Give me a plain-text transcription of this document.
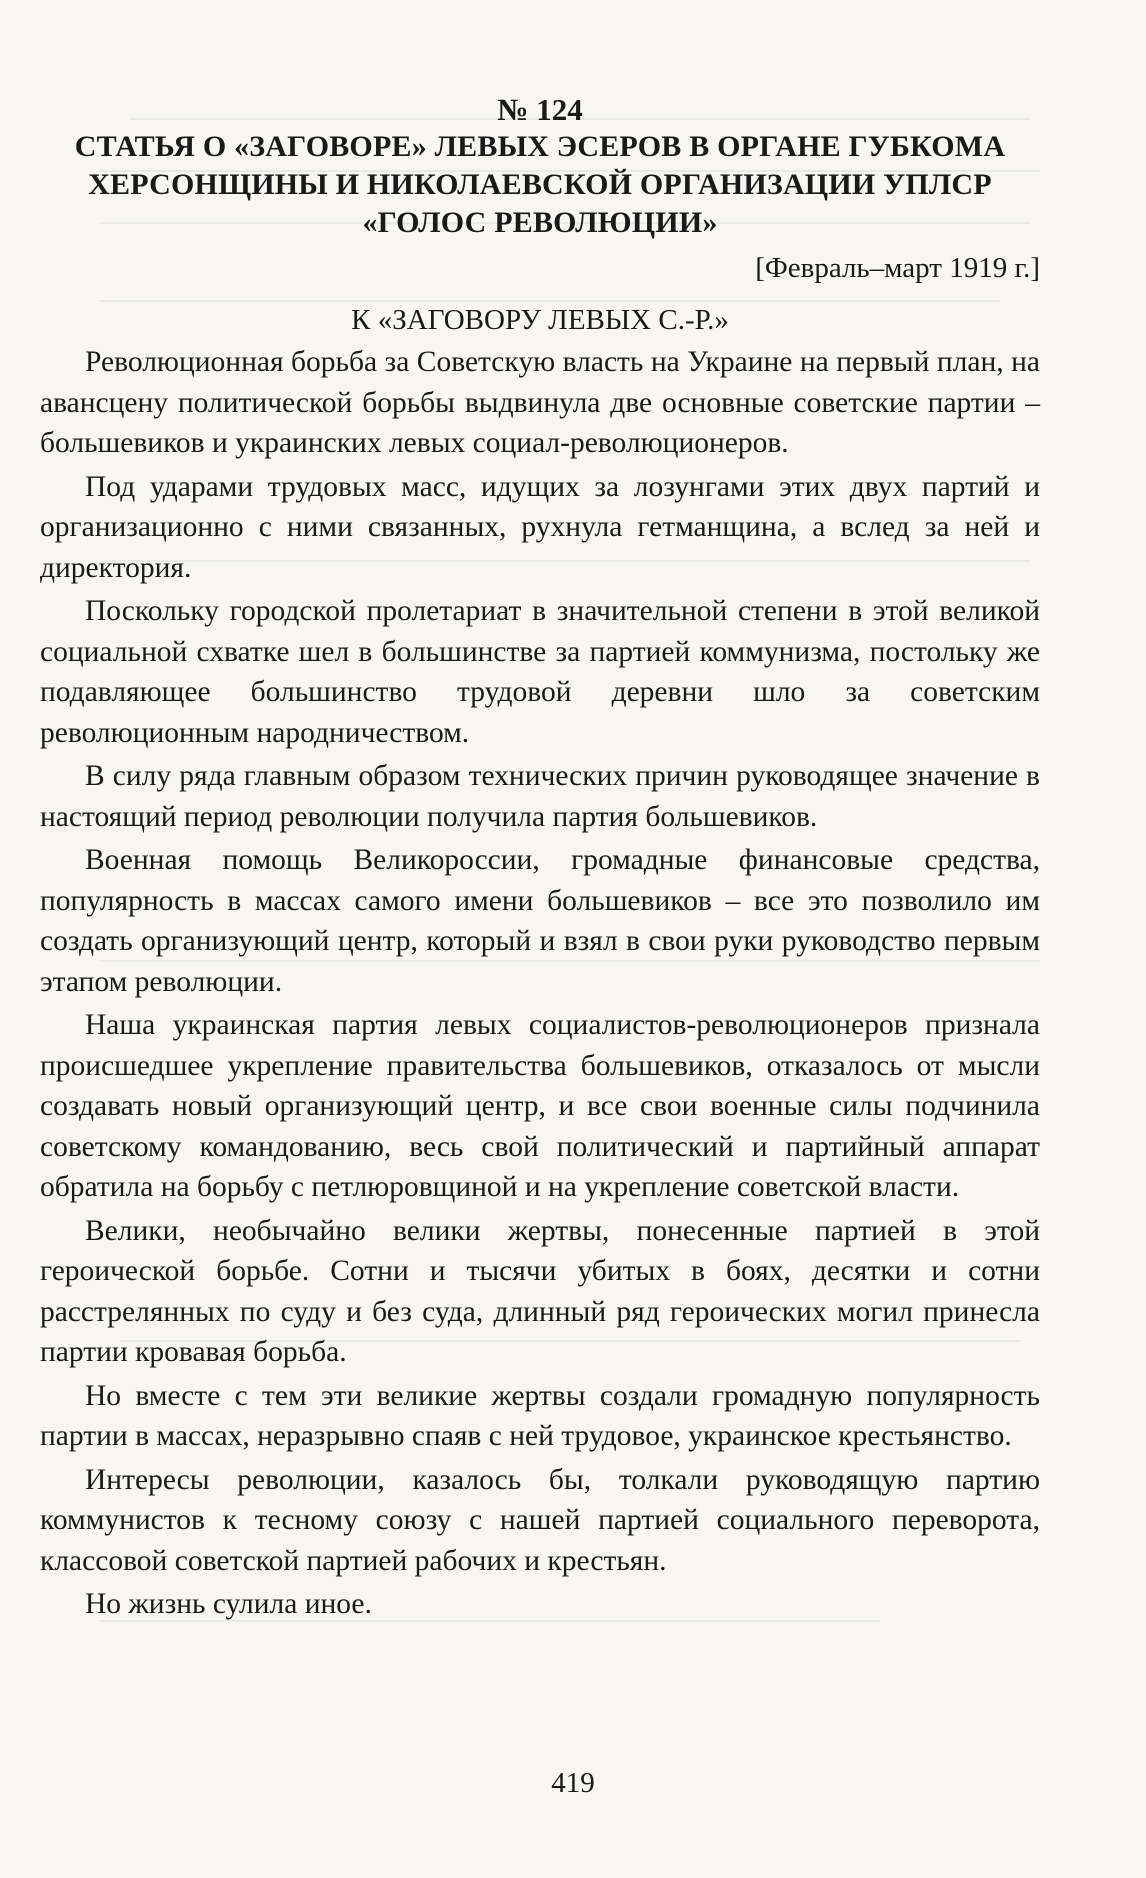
№ 124

СТАТЬЯ О «ЗАГОВОРЕ» ЛЕВЫХ ЭСЕРОВ В ОРГАНЕ ГУБКОМА ХЕРСОНЩИНЫ И НИКОЛАЕВСКОЙ ОРГАНИЗАЦИИ УПЛСР «ГОЛОС РЕВОЛЮЦИИ»

[Февраль–март 1919 г.]

К «ЗАГОВОРУ ЛЕВЫХ С.-Р.»

Революционная борьба за Советскую власть на Украине на первый план, на авансцену политической борьбы выдвинула две основные советские партии – большевиков и украинских левых социал-революционеров.

Под ударами трудовых масс, идущих за лозунгами этих двух партий и организационно с ними связанных, рухнула гетманщина, а вслед за ней и директория.

Поскольку городской пролетариат в значительной степени в этой великой социальной схватке шел в большинстве за партией коммунизма, постольку же подавляющее большинство трудовой деревни шло за советским революционным народничеством.

В силу ряда главным образом технических причин руководящее значение в настоящий период революции получила партия большевиков.

Военная помощь Великороссии, громадные финансовые средства, популярность в массах самого имени большевиков – все это позволило им создать организующий центр, который и взял в свои руки руководство первым этапом революции.

Наша украинская партия левых социалистов-революционеров признала происшедшее укрепление правительства большевиков, отказалось от мысли создавать новый организующий центр, и все свои военные силы подчинила советскому командованию, весь свой политический и партийный аппарат обратила на борьбу с петлюровщиной и на укрепление советской власти.

Велики, необычайно велики жертвы, понесенные партией в этой героической борьбе. Сотни и тысячи убитых в боях, десятки и сотни расстрелянных по суду и без суда, длинный ряд героических могил принесла партии кровавая борьба.

Но вместе с тем эти великие жертвы создали громадную популярность партии в массах, неразрывно спаяв с ней трудовое, украинское крестьянство.

Интересы революции, казалось бы, толкали руководящую партию коммунистов к тесному союзу с нашей партией социального переворота, классовой советской партией рабочих и крестьян.

Но жизнь сулила иное.

419
